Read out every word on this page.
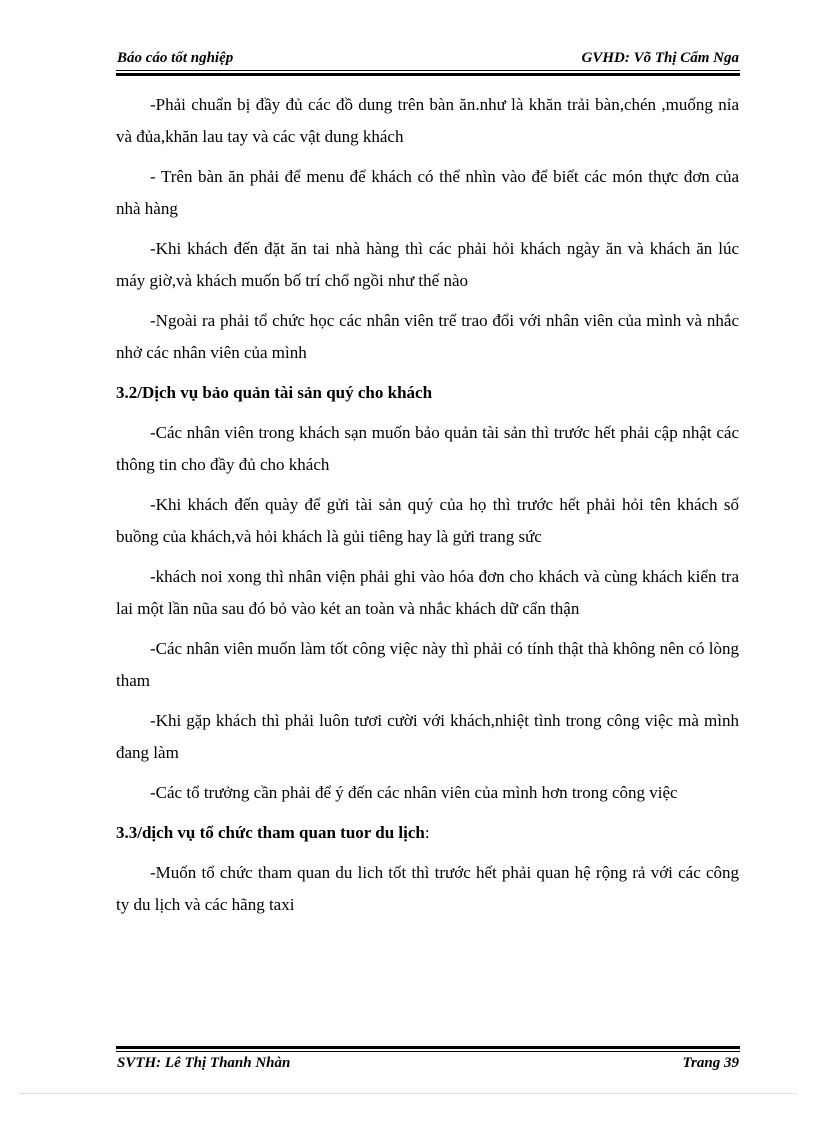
Báo cáo tốt nghiệp	GVHD: Võ Thị Cẩm Nga

-Phải chuẩn bị đầy đủ các đồ dung trên bàn ăn.như là khăn trải bàn,chén ,muống nỉa và đủa,khăn lau tay và các vật dung khách

- Trên bàn ăn phải để menu để khách có thể nhìn vào để biết các món thực đơn của nhà hàng

-Khi khách đến đặt ăn tai nhà hàng thì các phải hỏi khách ngày ăn và khách ăn lúc máy giờ,và khách muốn bố trí chổ ngồi như thế nào

-Ngoài ra phải tổ chức học các nhân viên trể trao đổi với nhân viên của mình và nhắc nhở các nhân viên của mình

3.2/Dịch vụ bảo quản tài sản quý cho khách

-Các nhân viên trong khách sạn muốn bảo quản tài sản thì trước hết phải cập nhật các thông tin cho đầy đủ cho khách

-Khi khách đến quày để gửi tài sản quý của họ thì trước hết phải hỏi tên khách số buồng của khách,và hỏi khách là gủi tiêng hay là gửi trang sức

-khách noi xong thì nhân viện phải ghi vào hóa đơn cho khách và cùng khách kiển tra lai một lần nũa sau đó bỏ vào két an toàn và nhắc khách dữ cẩn thận

-Các nhân viên muốn làm tốt công việc này thì phải có tính thật thà không nên có lòng tham

-Khi gặp khách thì phải luôn tươi cười với khách,nhiệt tình trong công việc mà mình đang làm

-Các tổ trưởng cần phải để ý đến các nhân viên của mình hơn trong công việc

3.3/dịch vụ tổ chức tham quan tuor du lịch:

-Muốn tổ chức tham quan du lich tốt thì trước hết phải quan hệ rộng rả với các công ty du lịch và các hãng taxi

SVTH: Lê Thị Thanh Nhàn	Trang 39
